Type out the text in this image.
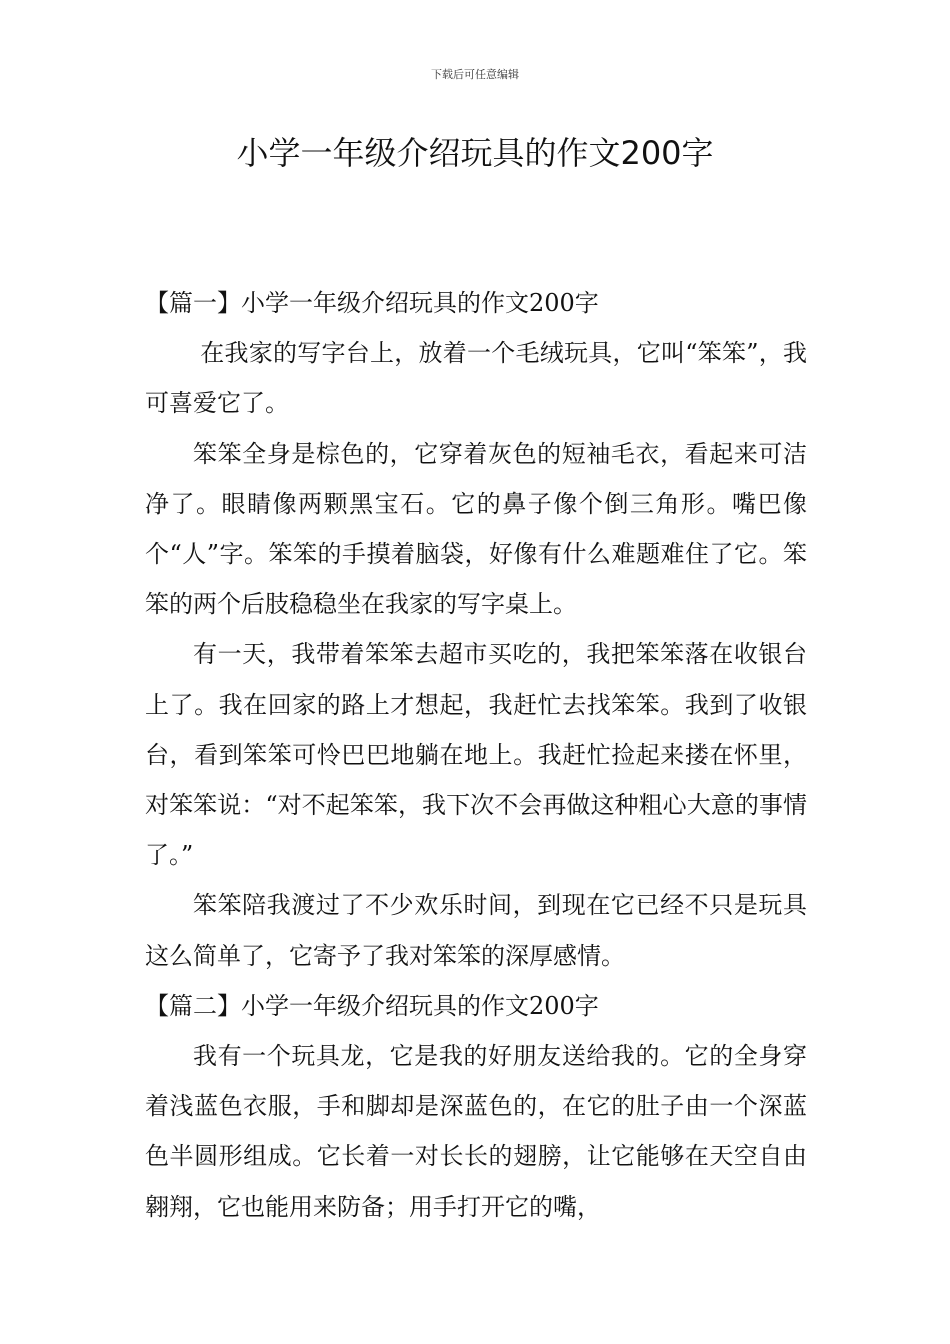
下载后可任意编辑
小学一年级介绍玩具的作文200字

【篇一】小学一年级介绍玩具的作文200字

在我家的写字台上，放着一个毛绒玩具，它叫“笨笨”，我可喜爱它了。

笨笨全身是棕色的，它穿着灰色的短袖毛衣，看起来可洁净了。眼睛像两颗黑宝石。它的鼻子像个倒三角形。嘴巴像个“人”字。笨笨的手摸着脑袋，好像有什么难题难住了它。笨笨的两个后肢稳稳坐在我家的写字桌上。

有一天，我带着笨笨去超市买吃的，我把笨笨落在收银台上了。我在回家的路上才想起，我赶忙去找笨笨。我到了收银台，看到笨笨可怜巴巴地躺在地上。我赶忙捡起来搂在怀里，对笨笨说：“对不起笨笨，我下次不会再做这种粗心大意的事情了。”

笨笨陪我渡过了不少欢乐时间，到现在它已经不只是玩具这么简单了，它寄予了我对笨笨的深厚感情。

【篇二】小学一年级介绍玩具的作文200字

我有一个玩具龙，它是我的好朋友送给我的。它的全身穿着浅蓝色衣服，手和脚却是深蓝色的，在它的肚子由一个深蓝色半圆形组成。它长着一对长长的翅膀，让它能够在天空自由翱翔，它也能用来防备；用手打开它的嘴，
